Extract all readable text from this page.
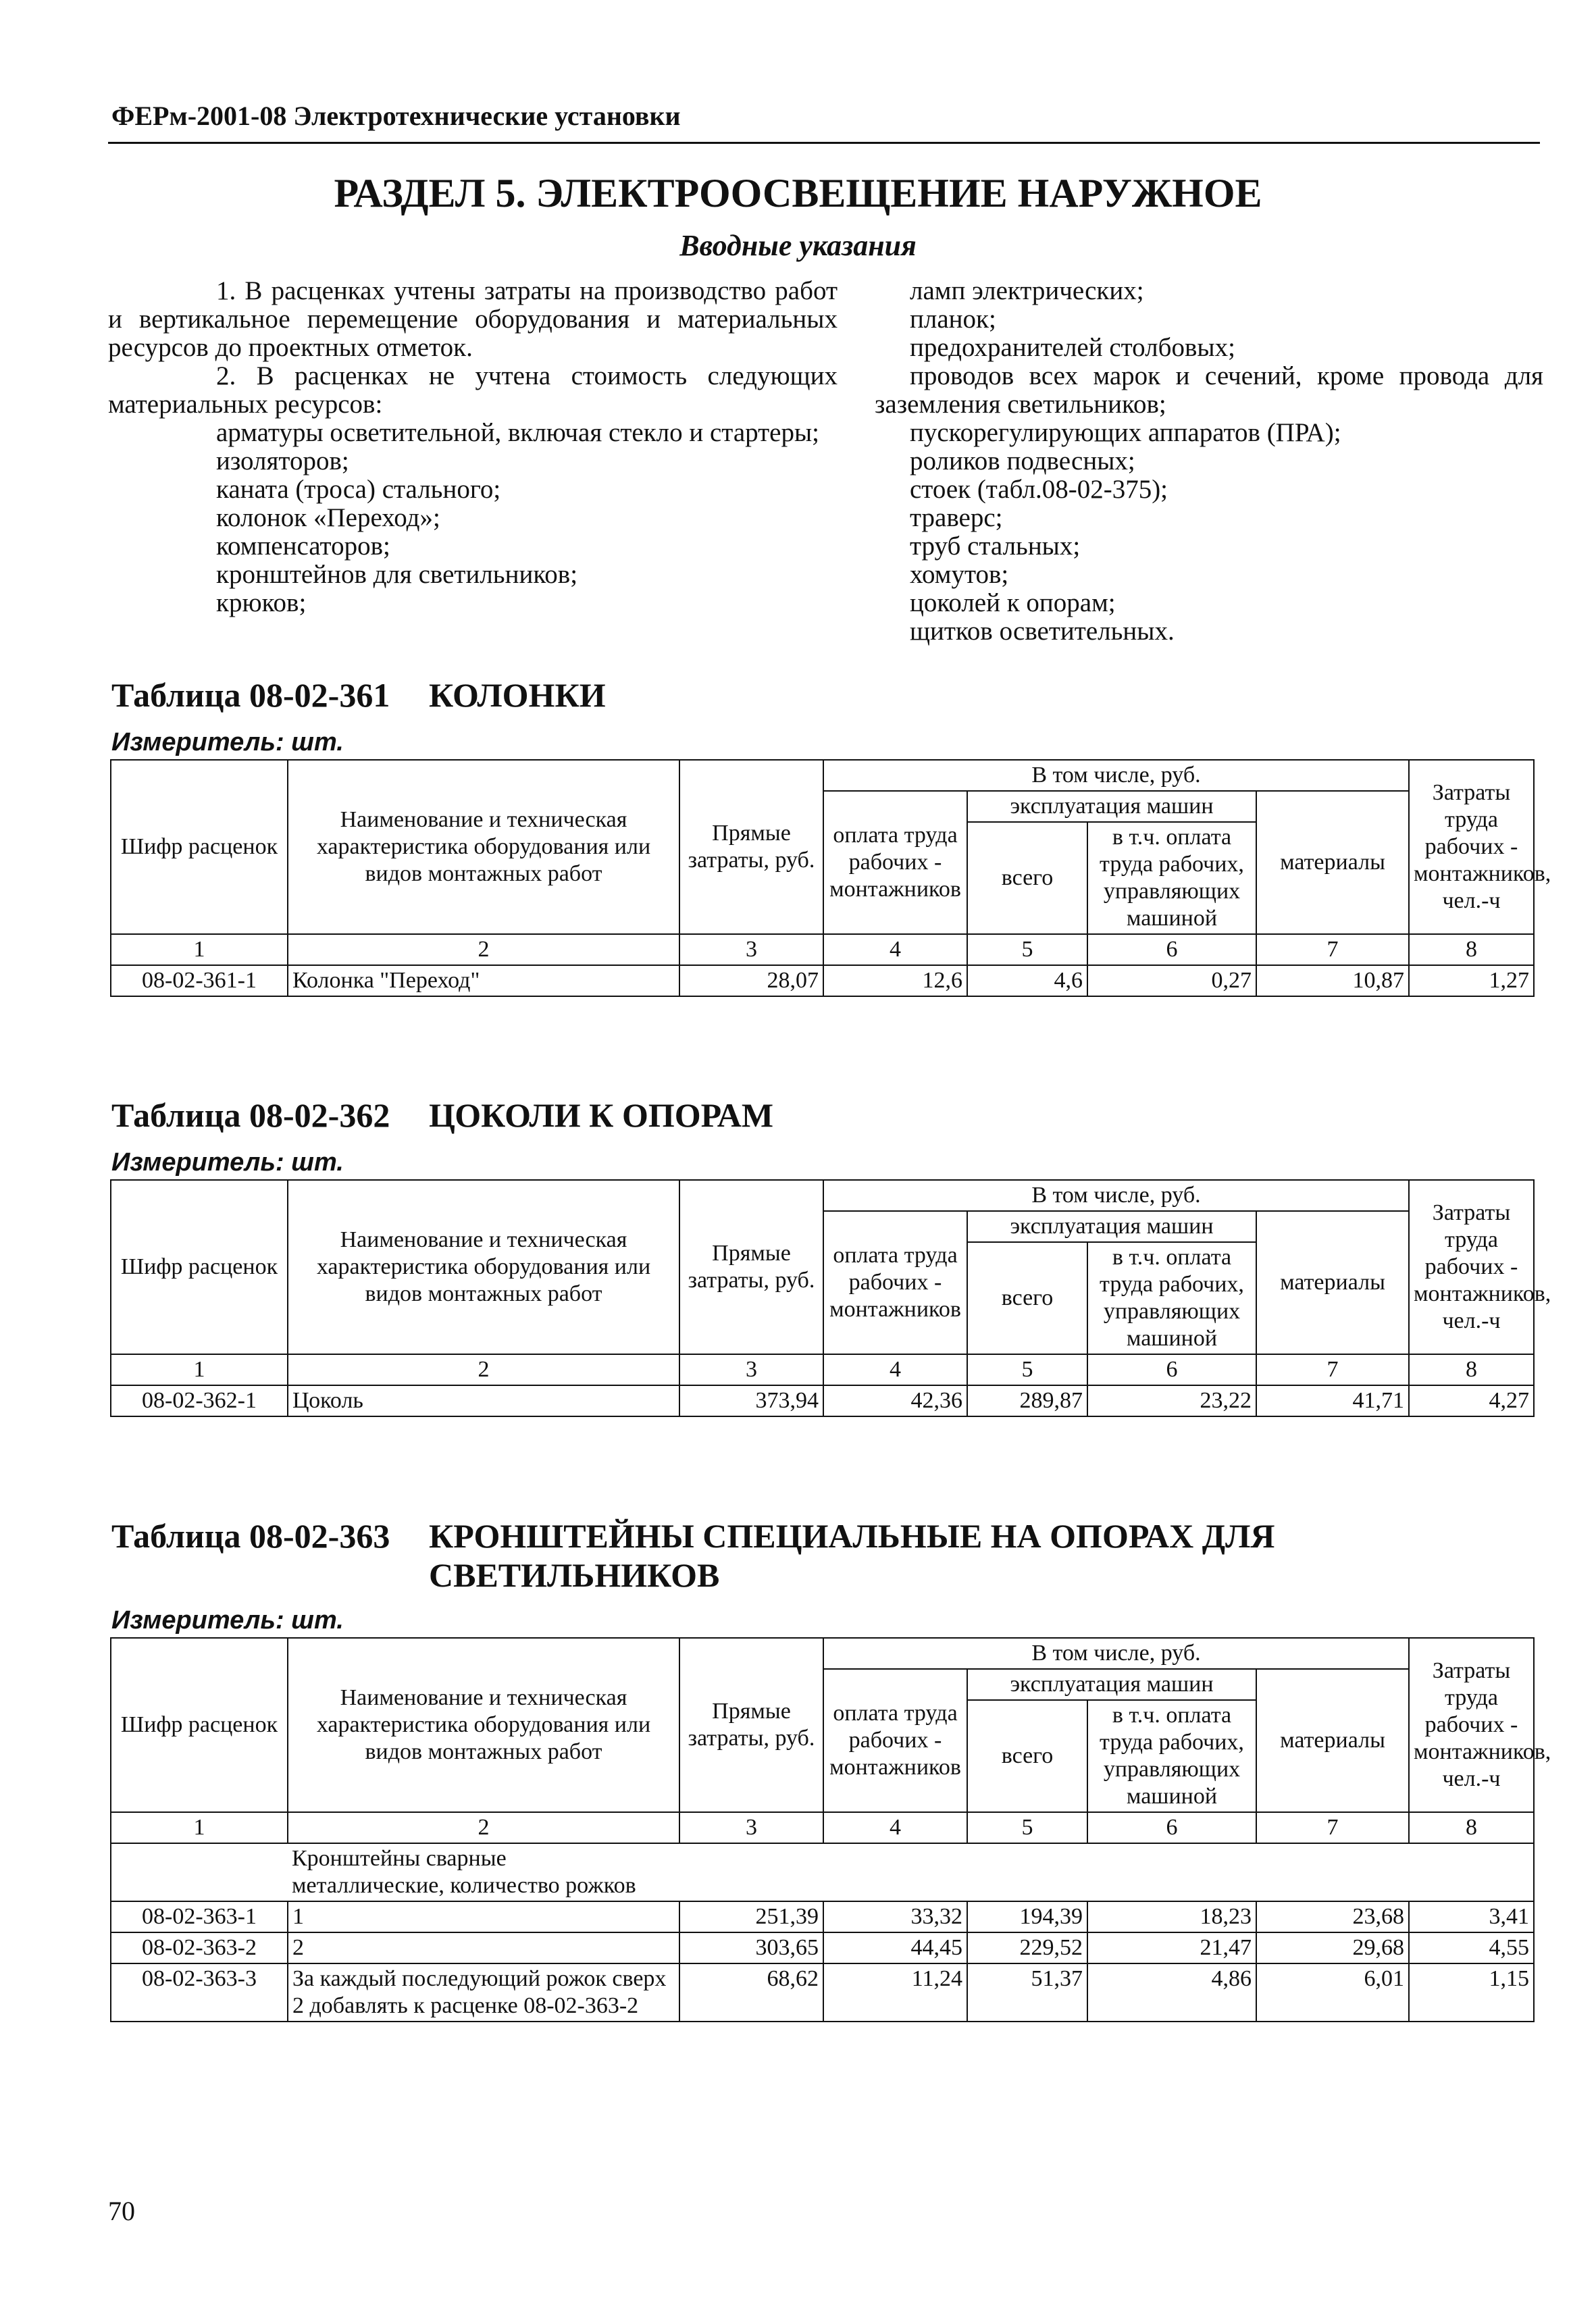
ФЕРм-2001-08 Электротехнические установки
РАЗДЕЛ 5. ЭЛЕКТРООСВЕЩЕНИЕ НАРУЖНОЕ
Вводные указания

1. В расценках учтены затраты на производство работ и вертикальное перемещение оборудования и материальных ресурсов до проектных отметок.

2. В расценках не учтена стоимость следующих материальных ресурсов:

арматуры осветительной, включая стекло и стартеры;

изоляторов;

каната (троса) стального;

колонок «Переход»;

компенсаторов;

кронштейнов для светильников;

крюков;

ламп электрических;

планок;

предохранителей столбовых;

проводов всех марок и сечений, кроме провода для заземления светильников;

пускорегулирующих аппаратов (ПРА);

роликов подвесных;

стоек (табл.08-02-375);

траверс;

труб стальных;

хомутов;

цоколей к опорам;

щитков осветительных.

Таблица 08-02-361 КОЛОНКИ
Измеритель: шт.
Шифр расценок	Наименование и техническая характеристика оборудования или видов монтажных работ	Прямые затраты, руб.	В том числе, руб.				Затраты труда рабочих - монтажников, чел.-ч
			оплата труда рабочих - монтажников	эксплуатация машин		материалы	
				всего	в т.ч. оплата труда рабочих, управляющих машиной		
1	2	3	4	5	6	7	8
08-02-361-1	Колонка "Переход"	28,07	12,6	4,6	0,27	10,87	1,27
Таблица 08-02-362 ЦОКОЛИ К ОПОРАМ
Измеритель: шт.
Шифр расценок	Наименование и техническая характеристика оборудования или видов монтажных работ	Прямые затраты, руб.	В том числе, руб.				Затраты труда рабочих - монтажников, чел.-ч
			оплата труда рабочих - монтажников	эксплуатация машин		материалы	
				всего	в т.ч. оплата труда рабочих, управляющих машиной		
1	2	3	4	5	6	7	8
08-02-362-1	Цоколь	373,94	42,36	289,87	23,22	41,71	4,27
Таблица 08-02-363 КРОНШТЕЙНЫ СПЕЦИАЛЬНЫЕ НА ОПОРАХ ДЛЯ СВЕТИЛЬНИКОВ
Измеритель: шт.
Шифр расценок	Наименование и техническая характеристика оборудования или видов монтажных работ	Прямые затраты, руб.	В том числе, руб.				Затраты труда рабочих - монтажников, чел.-ч
			оплата труда рабочих - монтажников	эксплуатация машин		материалы	
				всего	в т.ч. оплата труда рабочих, управляющих машиной		
1	2	3	4	5	6	7	8
	Кронштейны сварные металлические, количество рожков						
08-02-363-1	1	251,39	33,32	194,39	18,23	23,68	3,41
08-02-363-2	2	303,65	44,45	229,52	21,47	29,68	4,55
08-02-363-3	За каждый последующий рожок сверх 2 добавлять к расценке 08-02-363-2	68,62	11,24	51,37	4,86	6,01	1,15
70
